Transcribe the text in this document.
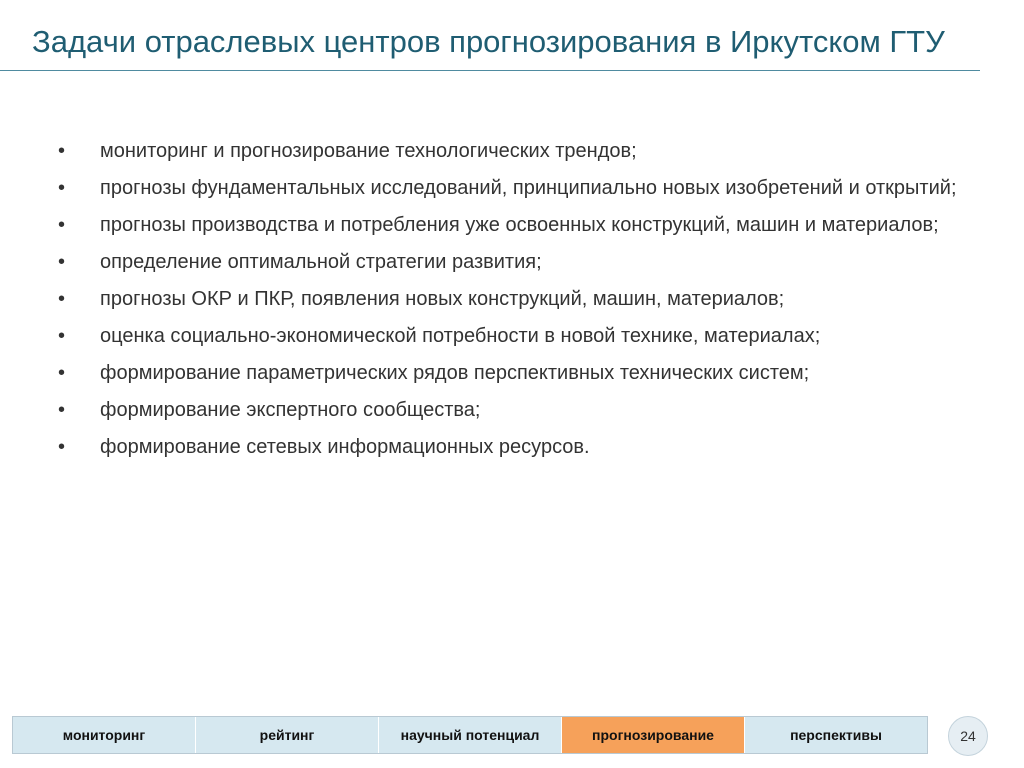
Задачи отраслевых центров прогнозирования в Иркутском ГТУ
•	мониторинг и прогнозирование технологических трендов;
•	прогнозы фундаментальных исследований, принципиально новых изобретений и открытий;
•	прогнозы производства и потребления уже освоенных конструкций, машин и материалов;
•	определение оптимальной стратегии развития;
•	прогнозы ОКР и ПКР, появления новых конструкций, машин, материалов;
•	оценка социально-экономической потребности в новой технике, материалах;
•	формирование параметрических рядов перспективных технических систем;
•	формирование экспертного сообщества;
•	формирование сетевых информационных ресурсов.
мониторинг	рейтинг	научный потенциал	прогнозирование	перспективы	24
